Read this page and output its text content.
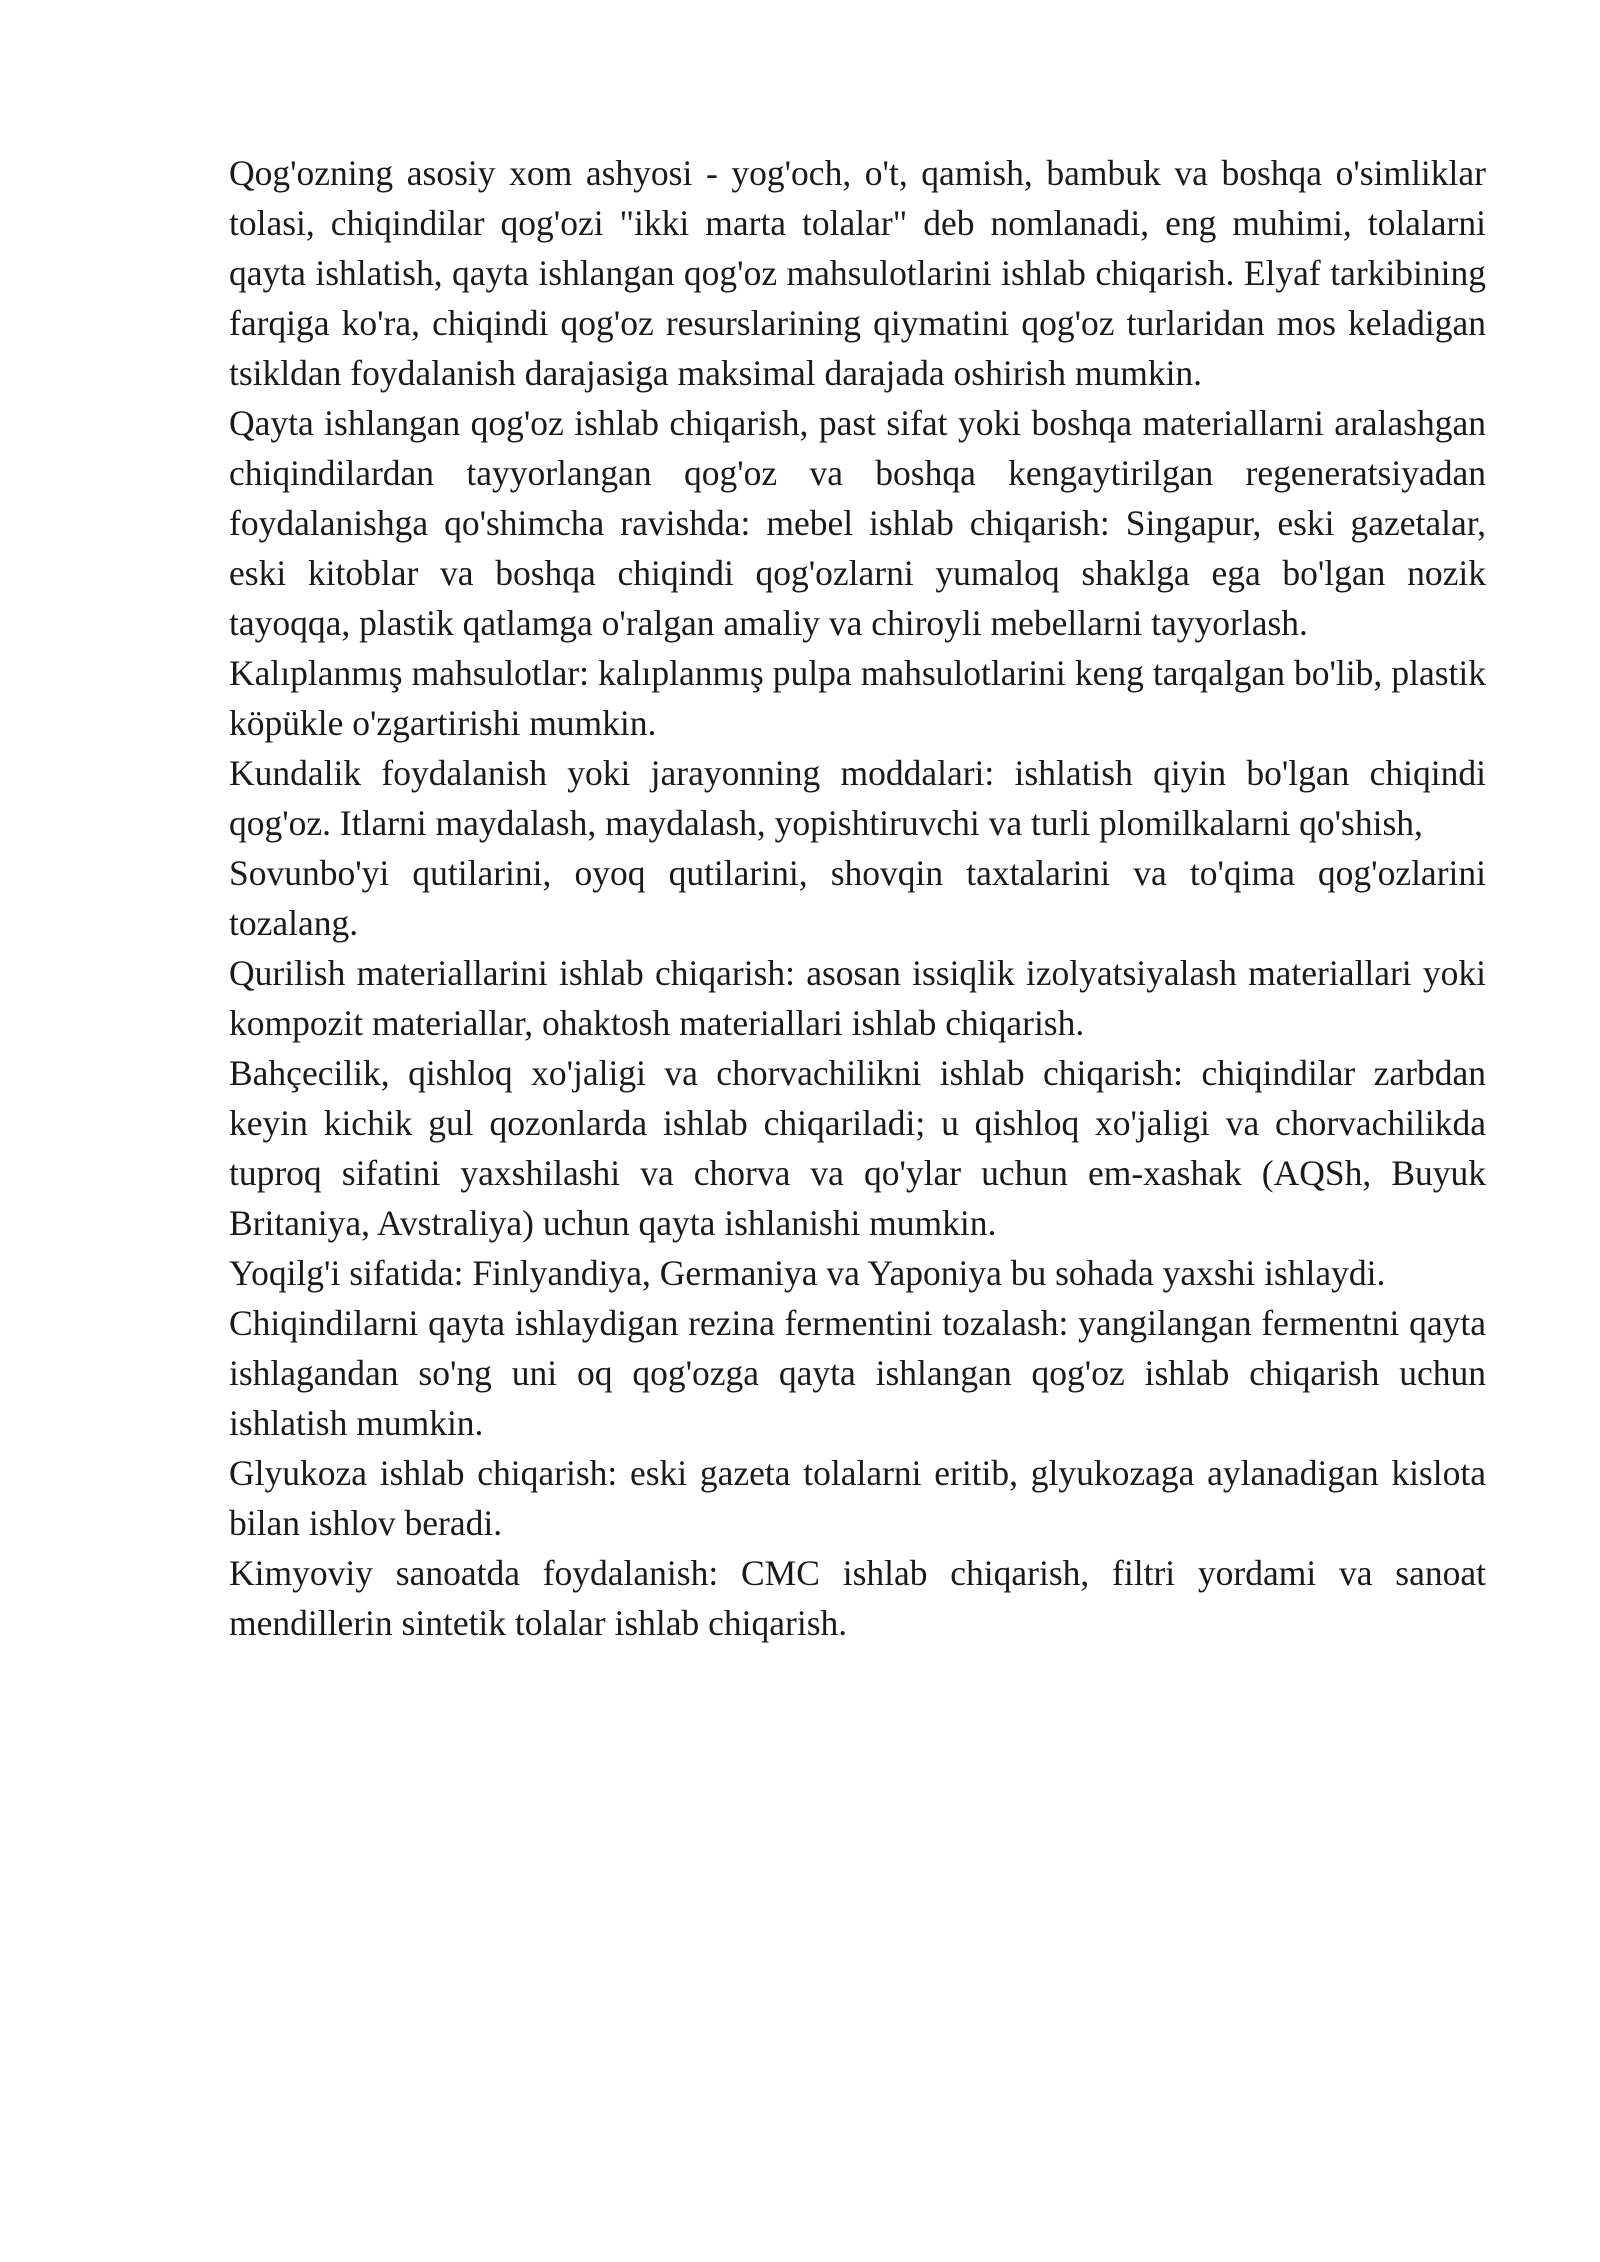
Qog'ozning asosiy xom ashyosi - yog'och, o't, qamish, bambuk va boshqa o'simliklar tolasi, chiqindilar qog'ozi "ikki marta tolalar" deb nomlanadi, eng muhimi, tolalarni qayta ishlatish, qayta ishlangan qog'oz mahsulotlarini ishlab chiqarish. Elyaf tarkibining farqiga ko'ra, chiqindi qog'oz resurslarining qiymatini qog'oz turlaridan mos keladigan tsikldan foydalanish darajasiga maksimal darajada oshirish mumkin.

Qayta ishlangan qog'oz ishlab chiqarish, past sifat yoki boshqa materiallarni aralashgan chiqindilardan tayyorlangan qog'oz va boshqa kengaytirilgan regeneratsiyadan foydalanishga qo'shimcha ravishda: mebel ishlab chiqarish: Singapur, eski gazetalar, eski kitoblar va boshqa chiqindi qog'ozlarni yumaloq shaklga ega bo'lgan nozik tayoqqa, plastik qatlamga o'ralgan amaliy va chiroyli mebellarni tayyorlash.

Kalıplanmış mahsulotlar: kalıplanmış pulpa mahsulotlarini keng tarqalgan bo'lib, plastik köpükle o'zgartirishi mumkin.

Kundalik foydalanish yoki jarayonning moddalari: ishlatish qiyin bo'lgan chiqindi qog'oz. Itlarni maydalash, maydalash, yopishtiruvchi va turli plomilkalarni qo'shish,

Sovunbo'yi qutilarini, oyoq qutilarini, shovqin taxtalarini va to'qima qog'ozlarini tozalang.

Qurilish materiallarini ishlab chiqarish: asosan issiqlik izolyatsiyalash materiallari yoki kompozit materiallar, ohaktosh materiallari ishlab chiqarish.

Bahçecilik, qishloq xo'jaligi va chorvachilikni ishlab chiqarish: chiqindilar zarbdan keyin kichik gul qozonlarda ishlab chiqariladi; u qishloq xo'jaligi va chorvachilikda tuproq sifatini yaxshilashi va chorva va qo'ylar uchun em-xashak (AQSh, Buyuk Britaniya, Avstraliya) uchun qayta ishlanishi mumkin.

Yoqilg'i sifatida: Finlyandiya, Germaniya va Yaponiya bu sohada yaxshi ishlaydi.

Chiqindilarni qayta ishlaydigan rezina fermentini tozalash: yangilangan fermentni qayta ishlagandan so'ng uni oq qog'ozga qayta ishlangan qog'oz ishlab chiqarish uchun ishlatish mumkin.

Glyukoza ishlab chiqarish: eski gazeta tolalarni eritib, glyukozaga aylanadigan kislota bilan ishlov beradi.

Kimyoviy sanoatda foydalanish: CMC ishlab chiqarish, filtri yordami va sanoat mendillerin sintetik tolalar ishlab chiqarish.
